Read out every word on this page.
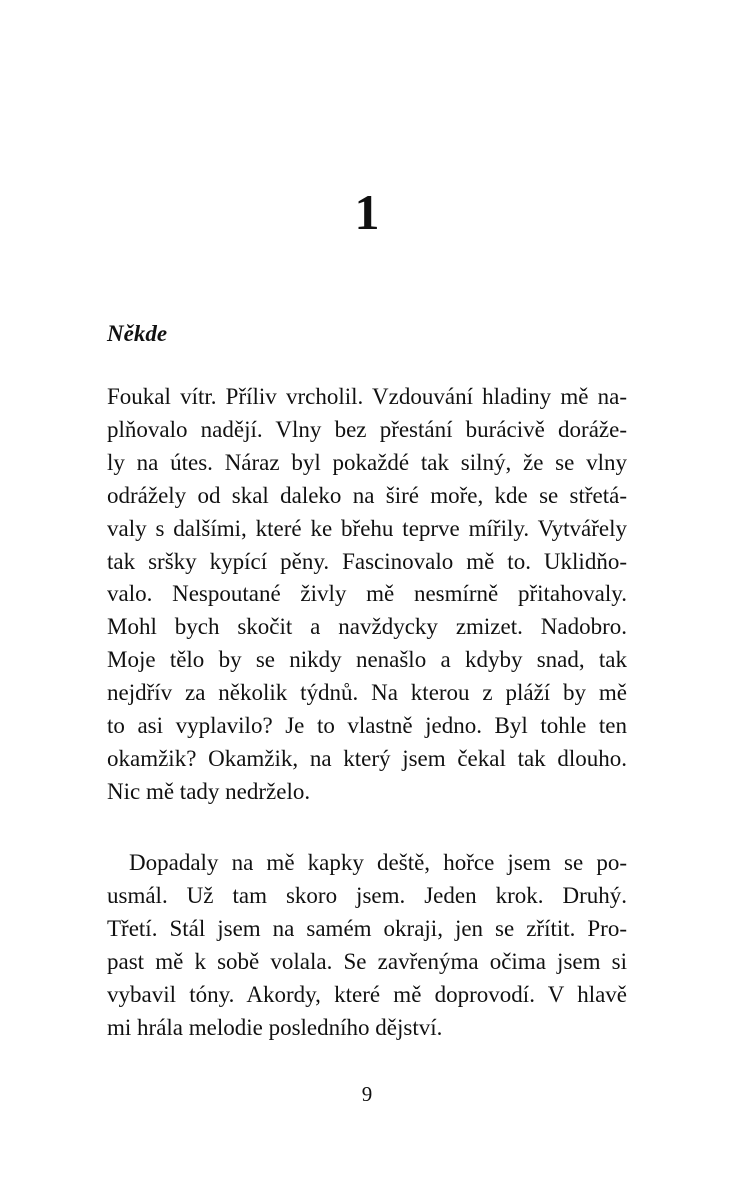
1
Někde

Foukal vítr. Příliv vrcholil. Vzdouvání hladiny mě na-
plňovalo nadějí. Vlny bez přestání burácivě doráže-
ly na útes. Náraz byl pokaždé tak silný, že se vlny
odrážely od skal daleko na širé moře, kde se střetá-
valy s dalšími, které ke břehu teprve mířily. Vytvářely
tak sršky kypící pěny. Fascinovalo mě to. Uklidňo-
valo. Nespoutané živly mě nesmírně přitahovaly.
Mohl bych skočit a navždycky zmizet. Nadobro.
Moje tělo by se nikdy nenašlo a kdyby snad, tak
nejdřív za několik týdnů. Na kterou z pláží by mě
to asi vyplavilo? Je to vlastně jedno. Byl tohle ten
okamžik? Okamžik, na který jsem čekal tak dlouho.
Nic mě tady nedrželo.

Dopadaly na mě kapky deště, hořce jsem se po-
usmál. Už tam skoro jsem. Jeden krok. Druhý.
Třetí. Stál jsem na samém okraji, jen se zřítit. Pro-
past mě k sobě volala. Se zavřenýma očima jsem si
vybavil tóny. Akordy, které mě doprovodí. V hlavě
mi hrála melodie posledního dějství.

9
